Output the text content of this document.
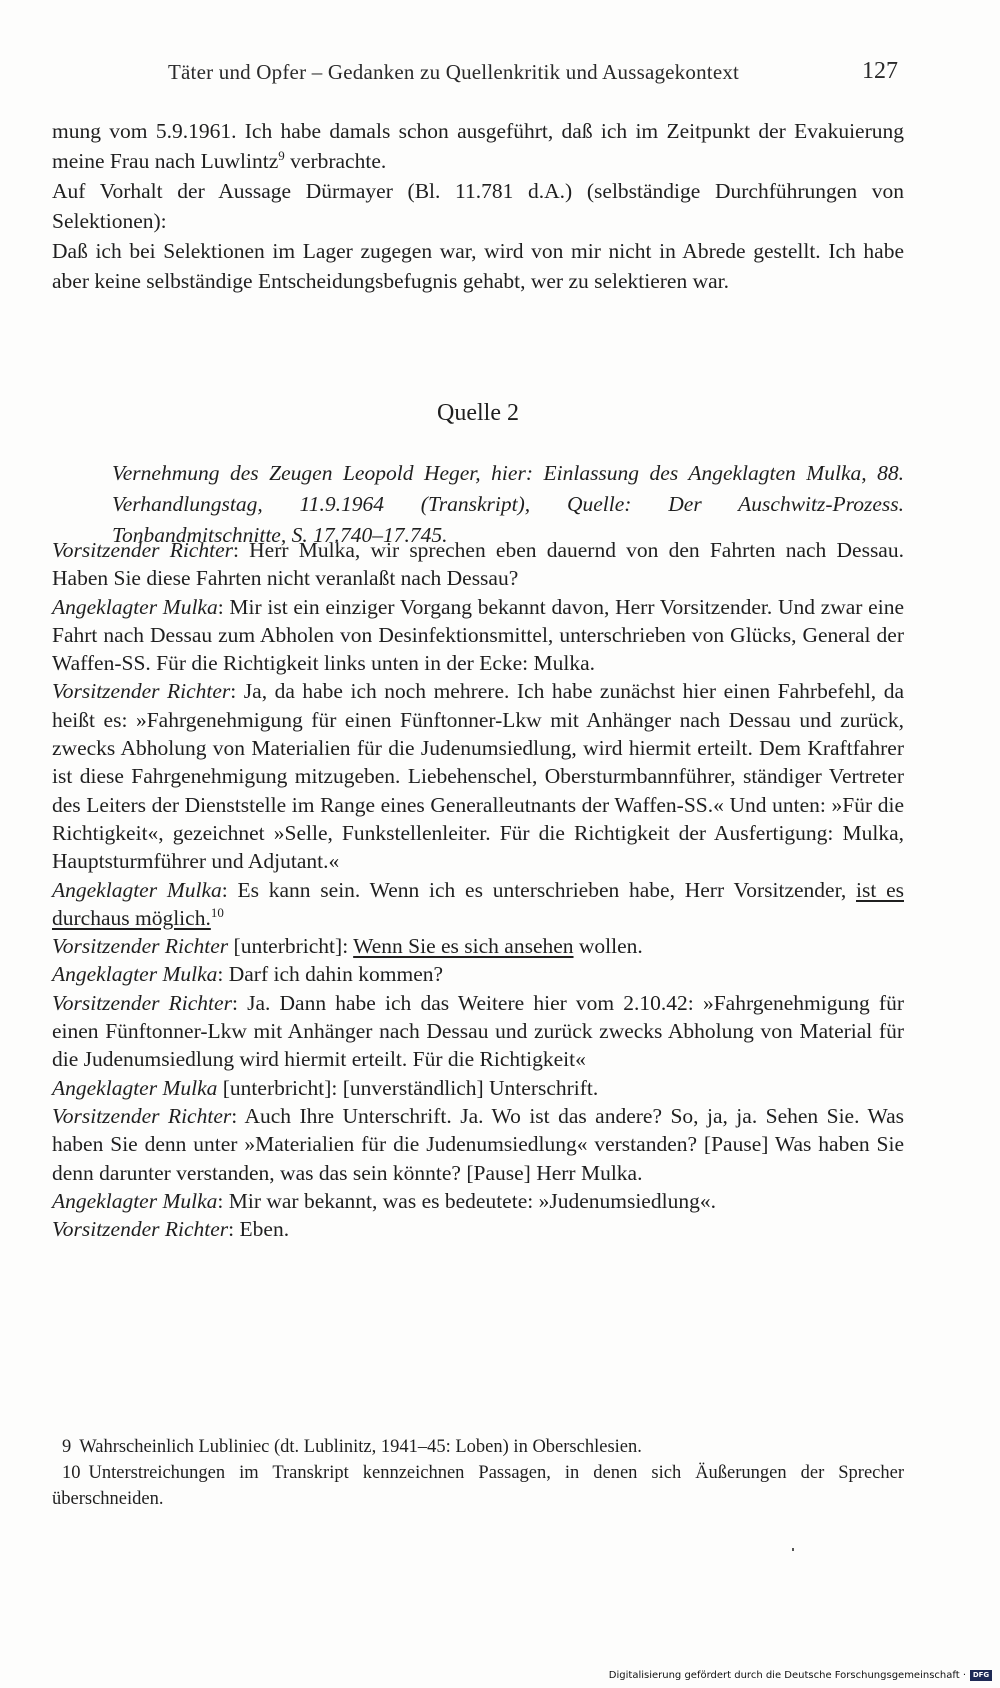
Täter und Opfer – Gedanken zu Quellenkritik und Aussagekontext	127

mung vom 5.9.1961. Ich habe damals schon ausgeführt, daß ich im Zeitpunkt der Evakuierung meine Frau nach Luwlintz$^9$ verbrachte.

Auf Vorhalt der Aussage Dürmayer (Bl. 11.781 d.A.) (selbständige Durchführungen von Selektionen):

Daß ich bei Selektionen im Lager zugegen war, wird von mir nicht in Abrede gestellt. Ich habe aber keine selbständige Entscheidungsbefugnis gehabt, wer zu selektieren war.

Quelle 2
Vernehmung des Zeugen Leopold Heger, hier: Einlassung des Angeklagten Mulka, 88. Verhandlungstag, 11.9.1964 (Transkript), Quelle: Der Auschwitz-Prozess. Tonbandmitschnitte, S. 17.740–17.745.

Vorsitzender Richter: Herr Mulka, wir sprechen eben dauernd von den Fahrten nach Dessau. Haben Sie diese Fahrten nicht veranlaßt nach Dessau?

Angeklagter Mulka: Mir ist ein einziger Vorgang bekannt davon, Herr Vorsitzender. Und zwar eine Fahrt nach Dessau zum Abholen von Desinfektionsmittel, unterschrieben von Glücks, General der Waffen-SS. Für die Richtigkeit links unten in der Ecke: Mulka.

Vorsitzender Richter: Ja, da habe ich noch mehrere. Ich habe zunächst hier einen Fahrbefehl, da heißt es: »Fahrgenehmigung für einen Fünftonner-Lkw mit Anhänger nach Dessau und zurück, zwecks Abholung von Materialien für die Judenumsiedlung, wird hiermit erteilt. Dem Kraftfahrer ist diese Fahrgenehmigung mitzugeben. Liebehenschel, Obersturmbannführer, ständiger Vertreter des Leiters der Dienststelle im Range eines Generalleutnants der Waffen-SS.« Und unten: »Für die Richtigkeit«, gezeichnet »Selle, Funkstellenleiter. Für die Richtigkeit der Ausfertigung: Mulka, Hauptsturmführer und Adjutant.«

Angeklagter Mulka: Es kann sein. Wenn ich es unterschrieben habe, Herr Vorsitzender, ist es durchaus möglich.$^{10}$

Vorsitzender Richter [unterbricht]: Wenn Sie es sich ansehen wollen.

Angeklagter Mulka: Darf ich dahin kommen?

Vorsitzender Richter: Ja. Dann habe ich das Weitere hier vom 2.10.42: »Fahrgenehmigung für einen Fünftonner-Lkw mit Anhänger nach Dessau und zurück zwecks Abholung von Material für die Judenumsiedlung wird hiermit erteilt. Für die Richtigkeit«

Angeklagter Mulka [unterbricht]: [unverständlich] Unterschrift.

Vorsitzender Richter: Auch Ihre Unterschrift. Ja. Wo ist das andere? So, ja, ja. Sehen Sie. Was haben Sie denn unter »Materialien für die Judenumsiedlung« verstanden? [Pause] Was haben Sie denn darunter verstanden, was das sein könnte? [Pause] Herr Mulka.

Angeklagter Mulka: Mir war bekannt, was es bedeutete: »Judenumsiedlung«.

Vorsitzender Richter: Eben.

9 Wahrscheinlich Lubliniec (dt. Lublinitz, 1941–45: Loben) in Oberschlesien.

10 Unterstreichungen im Transkript kennzeichnen Passagen, in denen sich Äußerungen der Sprecher überschneiden.

Digitalisierung gefördert durch die Deutsche Forschungsgemeinschaft · DFG
